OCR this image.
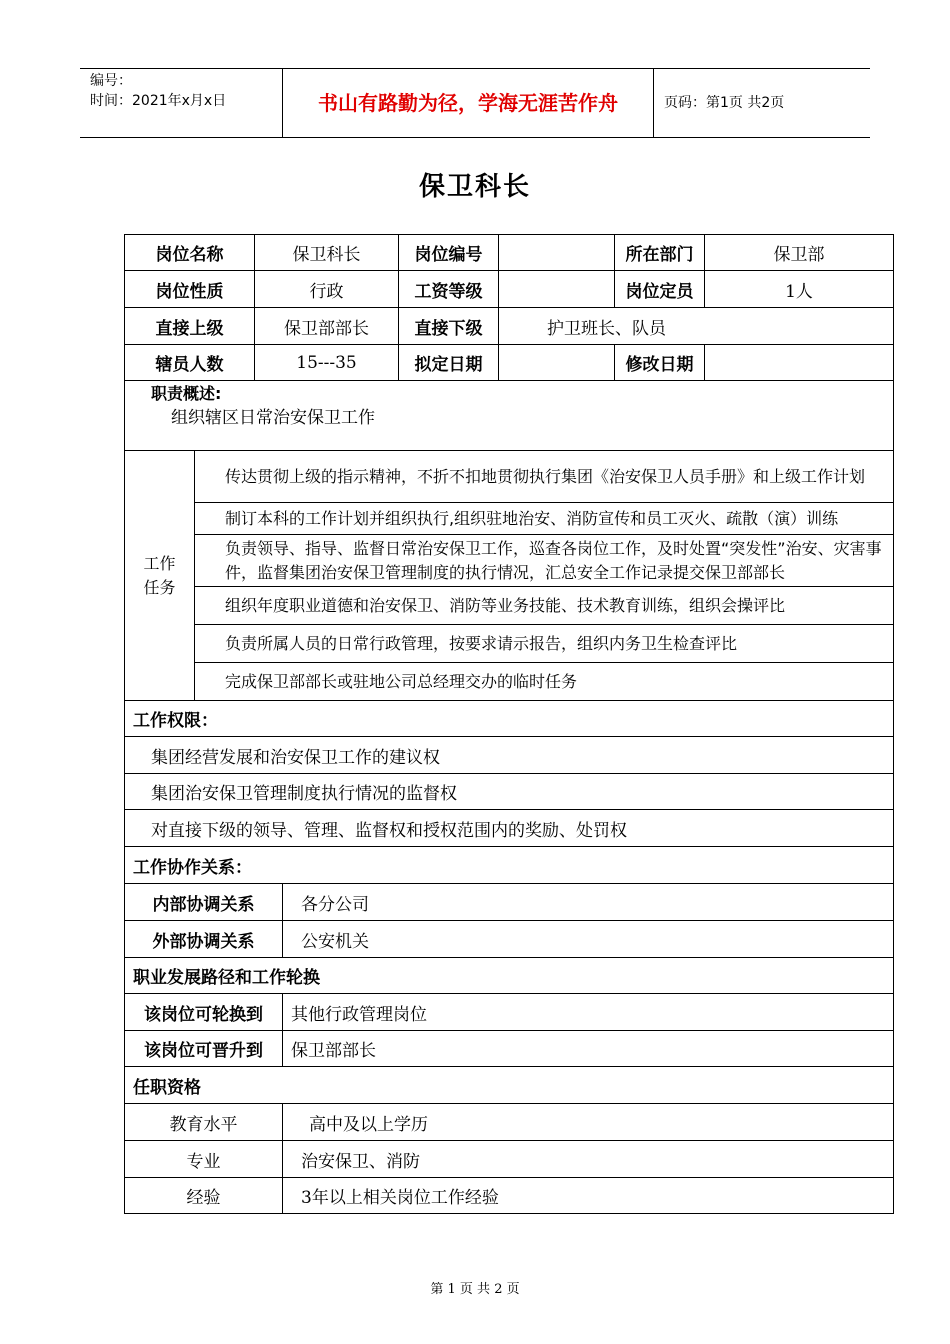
编号：
时间：2021年x月x日	书山有路勤为径，学海无涯苦作舟	页码：第1页 共2页
保卫科长
岗位名称		保卫科长		岗位编号		所在部门	保卫部
岗位性质		行政		工资等级		岗位定员	1人
直接上级		保卫部部长		直接下级	护卫班长、队员		
辖员人数		15---35		拟定日期		修改日期	

职责概述:
组织辖区日常治安保卫工作							

工作
任务	传达贯彻上级的指示精神，不折不扣地贯彻执行集团《治安保卫人员手册》和上级工作计划						
	制订本科的工作计划并组织执行,组织驻地治安、消防宣传和员工灭火、疏散（演）训练						
	负责领导、指导、监督日常治安保卫工作，巡查各岗位工作，及时处置“突发性”治安、灾害事件，监督集团治安保卫管理制度的执行情况，汇总安全工作记录提交保卫部部长						
	组织年度职业道德和治安保卫、消防等业务技能、技术教育训练，组织会操评比						
	负责所属人员的日常行政管理，按要求请示报告，组织内务卫生检查评比						
	完成保卫部部长或驻地公司总经理交办的临时任务						
工作权限：							
集团经营发展和治安保卫工作的建议权							
集团治安保卫管理制度执行情况的监督权							
对直接下级的领导、管理、监督权和授权范围内的奖励、处罚权							
工作协作关系：							
内部协调关系			各分公司				
外部协调关系			公安机关				
职业发展路径和工作轮换							
该岗位可轮换到			其他行政管理岗位				
该岗位可晋升到			保卫部部长				
任职资格							
教育水平			高中及以上学历				
专业			治安保卫、消防				
经验			3年以上相关岗位工作经验				
第 1 页 共 2 页
